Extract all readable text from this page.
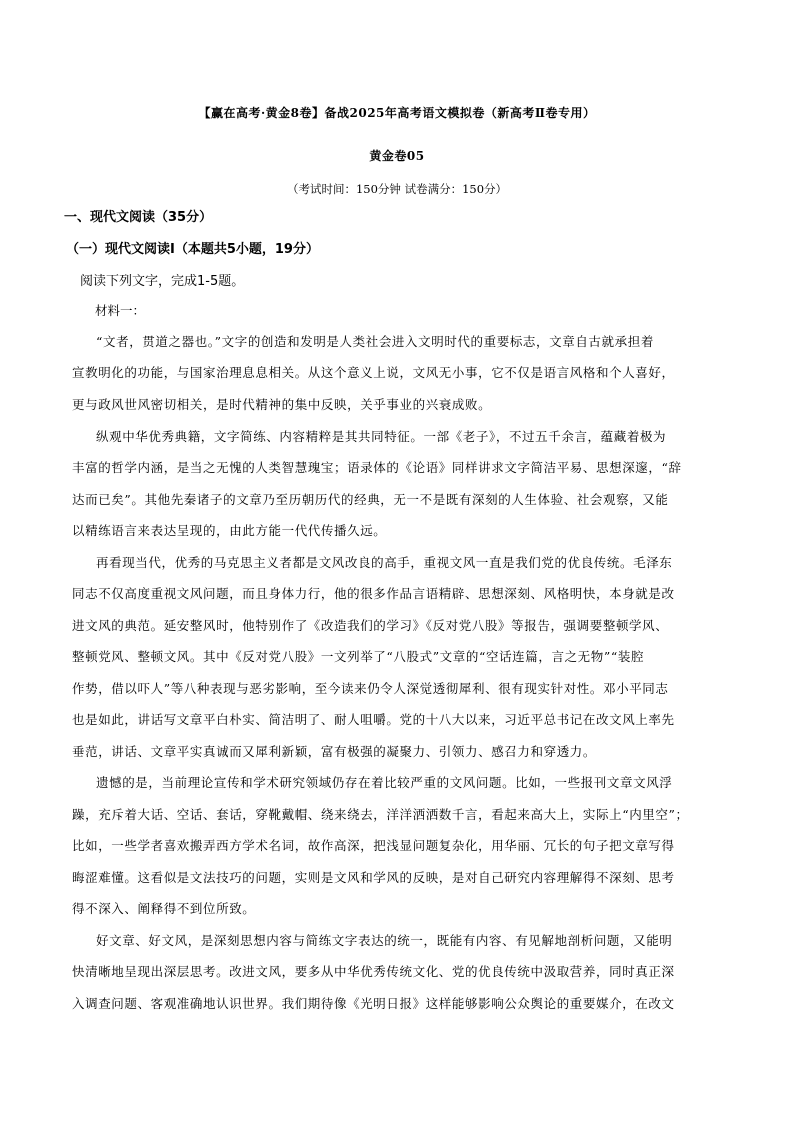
【赢在高考·黄金8卷】备战2025年高考语文模拟卷（新高考Ⅱ卷专用）
黄金卷05
（考试时间：150分钟 试卷满分：150分）
一、现代文阅读（35分）
（一）现代文阅读Ⅰ（本题共5小题，19分）
阅读下列文字，完成1-5题。
材料一：
“文者，贯道之器也。”文字的创造和发明是人类社会进入文明时代的重要标志，文章自古就承担着
宣教明化的功能，与国家治理息息相关。从这个意义上说，文风无小事，它不仅是语言风格和个人喜好，
更与政风世风密切相关，是时代精神的集中反映，关乎事业的兴衰成败。
纵观中华优秀典籍，文字简练、内容精粹是其共同特征。一部《老子》，不过五千余言，蕴藏着极为
丰富的哲学内涵，是当之无愧的人类智慧瑰宝；语录体的《论语》同样讲求文字简洁平易、思想深邃，“辞
达而已矣”。其他先秦诸子的文章乃至历朝历代的经典，无一不是既有深刻的人生体验、社会观察，又能
以精练语言来表达呈现的，由此方能一代代传播久远。
再看现当代，优秀的马克思主义者都是文风改良的高手，重视文风一直是我们党的优良传统。毛泽东
同志不仅高度重视文风问题，而且身体力行，他的很多作品言语精辟、思想深刻、风格明快，本身就是改
进文风的典范。延安整风时，他特别作了《改造我们的学习》《反对党八股》等报告，强调要整顿学风、
整顿党风、整顿文风。其中《反对党八股》一文列举了“八股式”文章的“空话连篇，言之无物”“装腔
作势，借以吓人”等八种表现与恶劣影响，至今读来仍令人深觉透彻犀利、很有现实针对性。邓小平同志
也是如此，讲话写文章平白朴实、简洁明了、耐人咀嚼。党的十八大以来，习近平总书记在改文风上率先
垂范，讲话、文章平实真诚而又犀利新颖，富有极强的凝聚力、引领力、感召力和穿透力。
遗憾的是，当前理论宣传和学术研究领域仍存在着比较严重的文风问题。比如，一些报刊文章文风浮
躁，充斥着大话、空话、套话，穿靴戴帽、绕来绕去，洋洋洒洒数千言，看起来高大上，实际上“内里空”；
比如，一些学者喜欢搬弄西方学术名词，故作高深，把浅显问题复杂化，用华丽、冗长的句子把文章写得
晦涩难懂。这看似是文法技巧的问题，实则是文风和学风的反映，是对自己研究内容理解得不深刻、思考
得不深入、阐释得不到位所致。
好文章、好文风，是深刻思想内容与简练文字表达的统一，既能有内容、有见解地剖析问题，又能明
快清晰地呈现出深层思考。改进文风，要多从中华优秀传统文化、党的优良传统中汲取营养，同时真正深
入调查问题、客观准确地认识世界。我们期待像《光明日报》这样能够影响公众舆论的重要媒介，在改文
